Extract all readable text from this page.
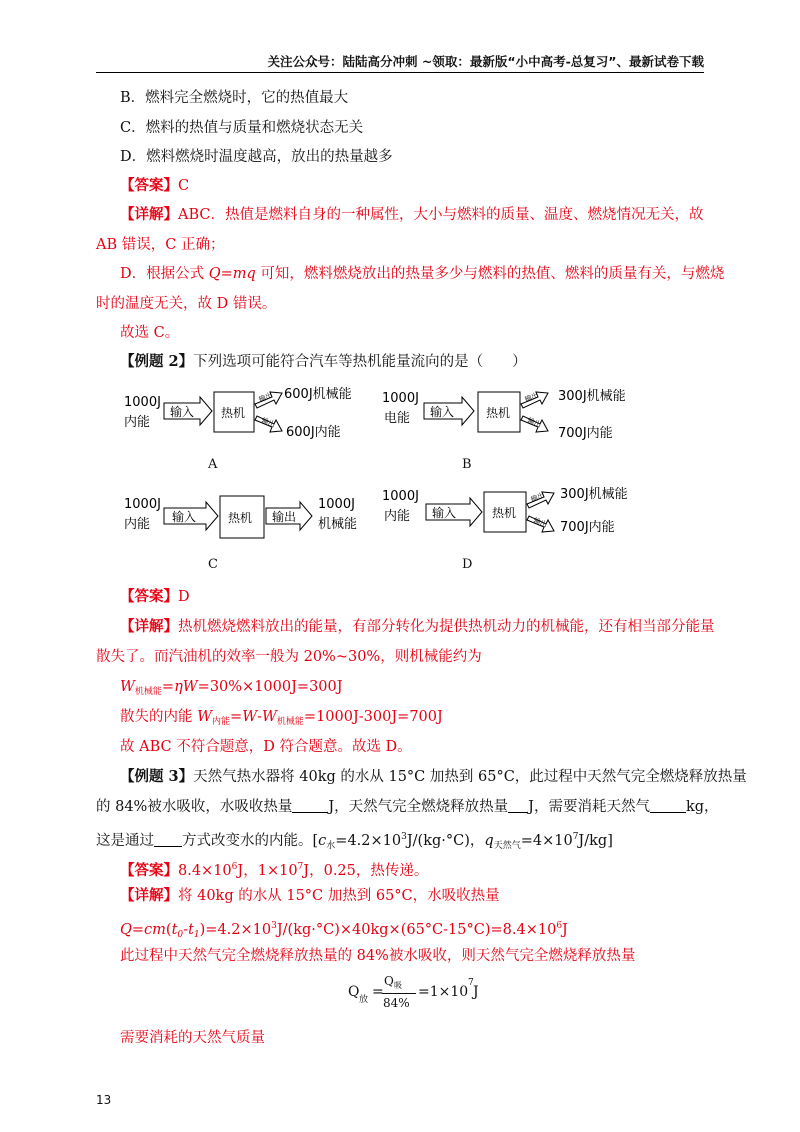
关注公众号：陆陆高分冲刺 ~领取：最新版“小中高考-总复习”、最新试卷下载
B．燃料完全燃烧时，它的热值最大
C．燃料的热值与质量和燃烧状态无关
D．燃料燃烧时温度越高，放出的热量越多
【答案】C
【详解】ABC．热值是燃料自身的一种属性，大小与燃料的质量、温度、燃烧情况无关，故
AB 错误，C 正确；
D．根据公式 Q=mq 可知，燃料燃烧放出的热量多少与燃料的热值、燃料的质量有关，与燃烧
时的温度无关，故 D 错误。
故选 C。
【例题 2】下列选项可能符合汽车等热机能量流向的是（　　）
1000J
内能
输入 热机
输出
输出
600J机械能
600J内能
A
1000J
电能 输入	热机
输出
输出
300J机械能
700J内能
B
1000J
内能 输入	热机 输出
1000J
机械能
C
1000J
内能 输入	热机
输出
输出
300J机械能
700J内能
D
【答案】D
【详解】热机燃烧燃料放出的能量，有部分转化为提供热机动力的机械能，还有相当部分能量
散失了。而汽油机的效率一般为 20%~30%，则机械能约为
$W_{机械能}=\eta W=30\%\times 1000J=300J$
散失的内能 $W_{内能}=W-W_{机械能}=1000J-300J=700J$
故 ABC 不符合题意，D 符合题意。故选 D。
【例题 3】天然气热水器将 40kg 的水从 15°C 加热到 65°C，此过程中天然气完全燃烧释放热量
的 84%被水吸收，水吸收热量 J，天然气完全燃烧释放热量 J，需要消耗天然气 kg，
这是通过 方式改变水的内能。[$c_水=4.2\times 10^3J/(kg\cdot^\circ C)$，$q_{天然气}=4\times 10^7J/kg$]
【答案】$8.4\times 10^6J$，$1\times 10^7J$，0.25，热传递。
【详解】将 40kg 的水从 15°C 加热到 65°C，水吸收热量
$Q=cm(t_0-t_1)=4.2\times 10^3J/(kg\cdot^\circ C)\times 40kg\times(65^\circ C-15^\circ C)=8.4\times 10^6J$
此过程中天然气完全燃烧释放热量的 84%被水吸收，则天然气完全燃烧释放热量
Q 放 =
Q 吸
84%
=1×10
7
J
需要消耗的天然气质量
13
